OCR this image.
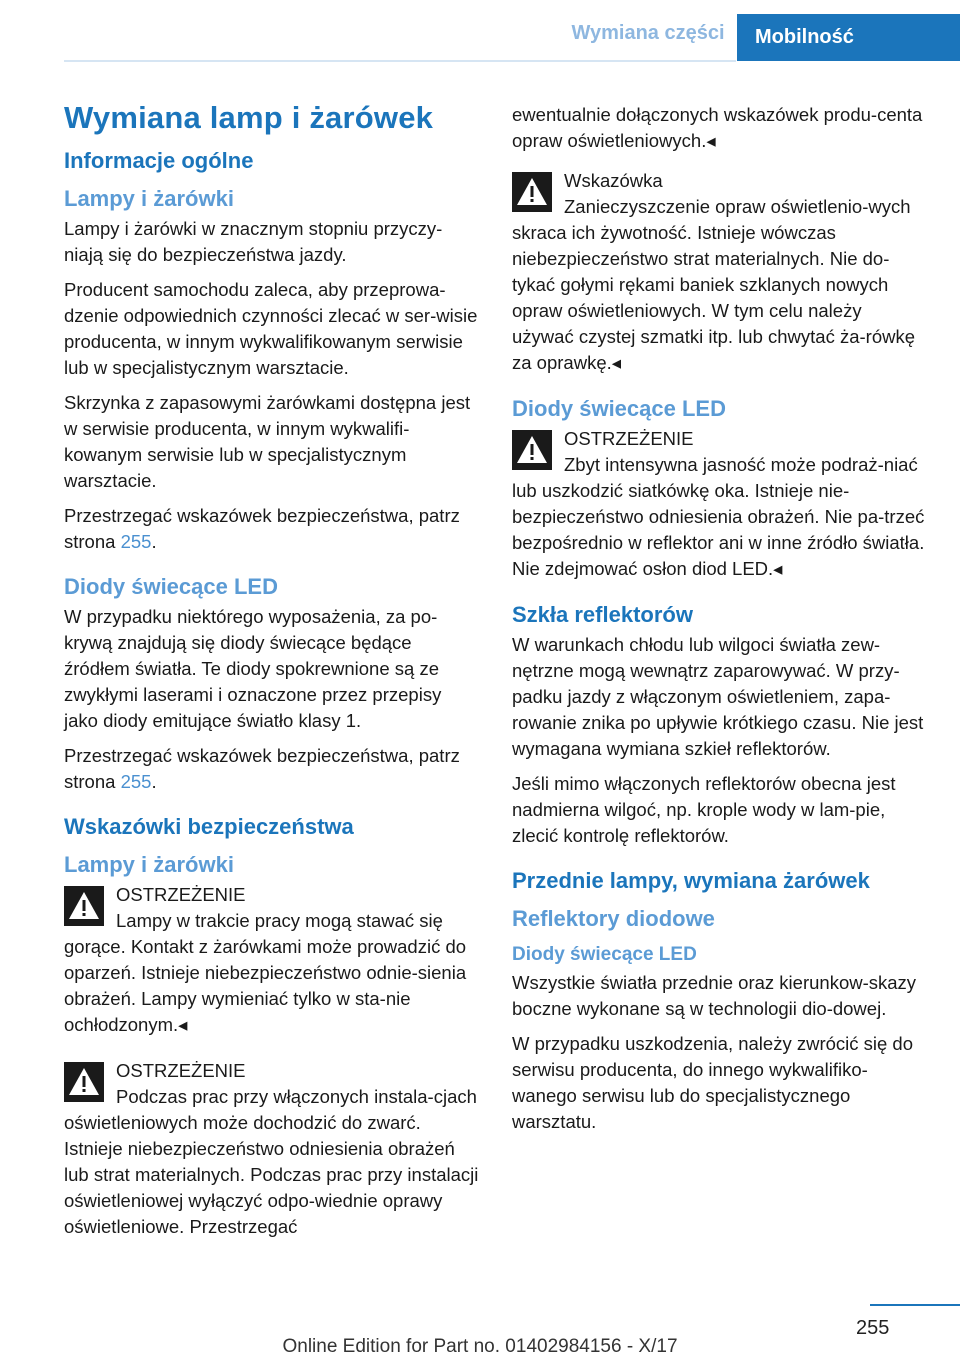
Wymiana części	Mobilność
Wymiana lamp i żarówek
Informacje ogólne
Lampy i żarówki

Lampy i żarówki w znacznym stopniu przyczy-niają się do bezpieczeństwa jazdy.

Producent samochodu zaleca, aby przeprowa-dzenie odpowiednich czynności zlecać w ser-wisie producenta, w innym wykwalifikowanym serwisie lub w specjalistycznym warsztacie.

Skrzynka z zapasowymi żarówkami dostępna jest w serwisie producenta, w innym wykwalifi-kowanym serwisie lub w specjalistycznym warsztacie.

Przestrzegać wskazówek bezpieczeństwa, patrz strona 255.

Diody świecące LED

W przypadku niektórego wyposażenia, za po-krywą znajdują się diody świecące będące źródłem światła. Te diody spokrewnione są ze zwykłymi laserami i oznaczone przez przepisy jako diody emitujące światło klasy 1.

Przestrzegać wskazówek bezpieczeństwa, patrz strona 255.

Wskazówki bezpieczeństwa
Lampy i żarówki
OSTRZEŻENIE
Lampy w trakcie pracy mogą stawać się gorące. Kontakt z żarówkami może prowadzić do oparzeń. Istnieje niebezpieczeństwo odnie-sienia obrażeń. Lampy wymieniać tylko w sta-nie ochłodzonym.◂
OSTRZEŻENIE
Podczas prac przy włączonych instala-cjach oświetleniowych może dochodzić do zwarć. Istnieje niebezpieczeństwo odniesienia obrażeń lub strat materialnych. Podczas prac przy instalacji oświetleniowej wyłączyć odpo-wiednie oprawy oświetleniowe. Przestrzegać

ewentualnie dołączonych wskazówek produ-centa opraw oświetleniowych.◂

Wskazówka
Zanieczyszczenie opraw oświetlenio-wych skraca ich żywotność. Istnieje wówczas niebezpieczeństwo strat materialnych. Nie do-tykać gołymi rękami baniek szklanych nowych opraw oświetleniowych. W tym celu należy używać czystej szmatki itp. lub chwytać ża-rówkę za oprawkę.◂
Diody świecące LED
OSTRZEŻENIE
Zbyt intensywna jasność może podraż-niać lub uszkodzić siatkówkę oka. Istnieje nie-bezpieczeństwo odniesienia obrażeń. Nie pa-trzeć bezpośrednio w reflektor ani w inne źródło światła. Nie zdejmować osłon diod LED.◂
Szkła reflektorów

W warunkach chłodu lub wilgoci światła zew-nętrzne mogą wewnątrz zaparowywać. W przy-padku jazdy z włączonym oświetleniem, zapa-rowanie znika po upływie krótkiego czasu. Nie jest wymagana wymiana szkieł reflektorów.

Jeśli mimo włączonych reflektorów obecna jest nadmierna wilgoć, np. krople wody w lam-pie, zlecić kontrolę reflektorów.

Przednie lampy, wymiana żarówek
Reflektory diodowe
Diody świecące LED

Wszystkie światła przednie oraz kierunkow-skazy boczne wykonane są w technologii dio-dowej.

W przypadku uszkodzenia, należy zwrócić się do serwisu producenta, do innego wykwalifiko-wanego serwisu lub do specjalistycznego warsztatu.

255
Online Edition for Part no. 01402984156 - X/17
